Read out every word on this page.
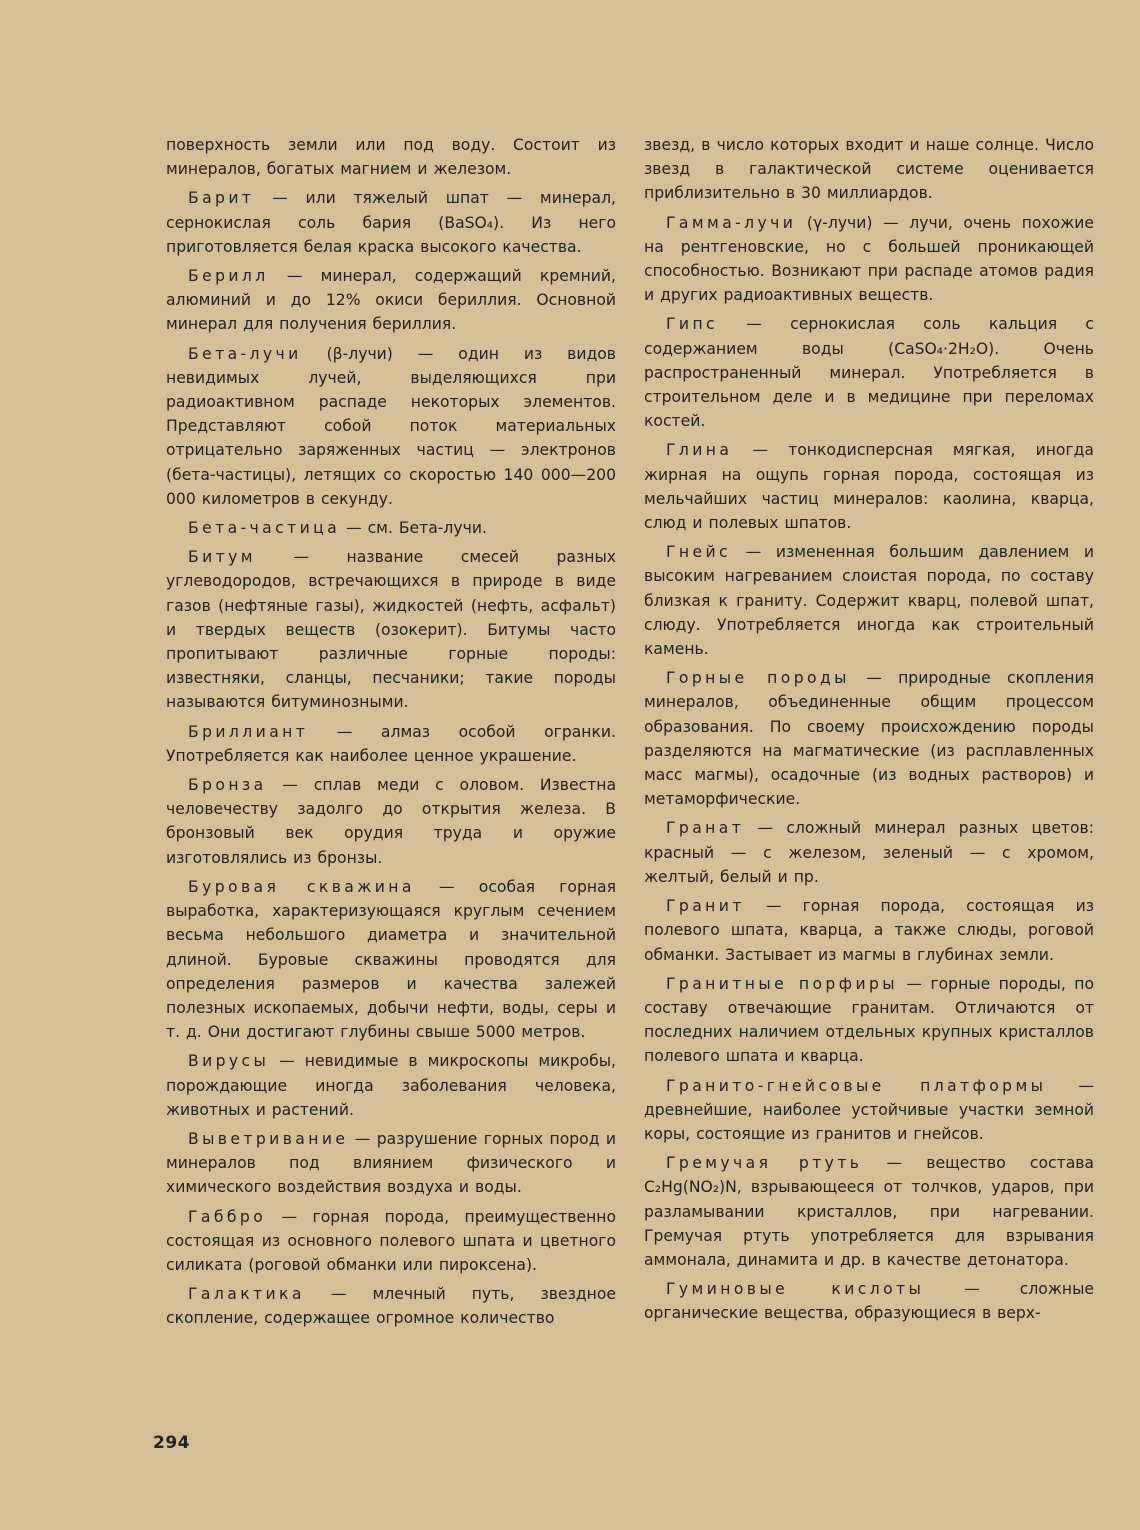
поверхность земли или под воду. Состоит из минералов, богатых магнием и железом.

Барит — или тяжелый шпат — минерал, сернокислая соль бария (BaSO₄). Из него приготовляется белая краска высокого качества.

Берилл — минерал, содержащий кремний, алюминий и до 12% окиси бериллия. Основной минерал для получения бериллия.

Бета-лучи (β-лучи) — один из видов невидимых лучей, выделяющихся при радиоактивном распаде некоторых элементов. Представляют собой поток материальных отрицательно заряженных частиц — электронов (бета-частицы), летящих со скоростью 140 000—200 000 километров в секунду.

Бета-частица — см. Бета-лучи.

Битум — название смесей разных углеводородов, встречающихся в природе в виде газов (нефтяные газы), жидкостей (нефть, асфальт) и твердых веществ (озокерит). Битумы часто пропитывают различные горные породы: известняки, сланцы, песчаники; такие породы называются битуминозными.

Бриллиант — алмаз особой огранки. Употребляется как наиболее ценное украшение.

Бронза — сплав меди с оловом. Известна человечеству задолго до открытия железа. В бронзовый век орудия труда и оружие изготовлялись из бронзы.

Буровая скважина — особая горная выработка, характеризующаяся круглым сечением весьма небольшого диаметра и значительной длиной. Буровые скважины проводятся для определения размеров и качества залежей полезных ископаемых, добычи нефти, воды, серы и т. д. Они достигают глубины свыше 5000 метров.

Вирусы — невидимые в микроскопы микробы, порождающие иногда заболевания человека, животных и растений.

Выветривание — разрушение горных пород и минералов под влиянием физического и химического воздействия воздуха и воды.

Габбро — горная порода, преимущественно состоящая из основного полевого шпата и цветного силиката (роговой обманки или пироксена).

Галактика — млечный путь, звездное скопление, содержащее огромное количество

звезд, в число которых входит и наше солнце. Число звезд в галактической системе оценивается приблизительно в 30 миллиардов.

Гамма-лучи (γ-лучи) — лучи, очень похожие на рентгеновские, но с большей проникающей способностью. Возникают при распаде атомов радия и других радиоактивных веществ.

Гипс — сернокислая соль кальция с содержанием воды (CaSO₄·2H₂O). Очень распространенный минерал. Употребляется в строительном деле и в медицине при переломах костей.

Глина — тонкодисперсная мягкая, иногда жирная на ощупь горная порода, состоящая из мельчайших частиц минералов: каолина, кварца, слюд и полевых шпатов.

Гнейс — измененная большим давлением и высоким нагреванием слоистая порода, по составу близкая к граниту. Содержит кварц, полевой шпат, слюду. Употребляется иногда как строительный камень.

Горные породы — природные скопления минералов, объединенные общим процессом образования. По своему происхождению породы разделяются на магматические (из расплавленных масс магмы), осадочные (из водных растворов) и метаморфические.

Гранат — сложный минерал разных цветов: красный — с железом, зеленый — с хромом, желтый, белый и пр.

Гранит — горная порода, состоящая из полевого шпата, кварца, а также слюды, роговой обманки. Застывает из магмы в глубинах земли.

Гранитные порфиры — горные породы, по составу отвечающие гранитам. Отличаются от последних наличием отдельных крупных кристаллов полевого шпата и кварца.

Гранито-гнейсовые платформы — древнейшие, наиболее устойчивые участки земной коры, состоящие из гранитов и гнейсов.

Гремучая ртуть — вещество состава C₂Hg(NO₂)N, взрывающееся от толчков, ударов, при разламывании кристаллов, при нагревании. Гремучая ртуть употребляется для взрывания аммонала, динамита и др. в качестве детонатора.

Гуминовые кислоты — сложные органические вещества, образующиеся в верх-

294
